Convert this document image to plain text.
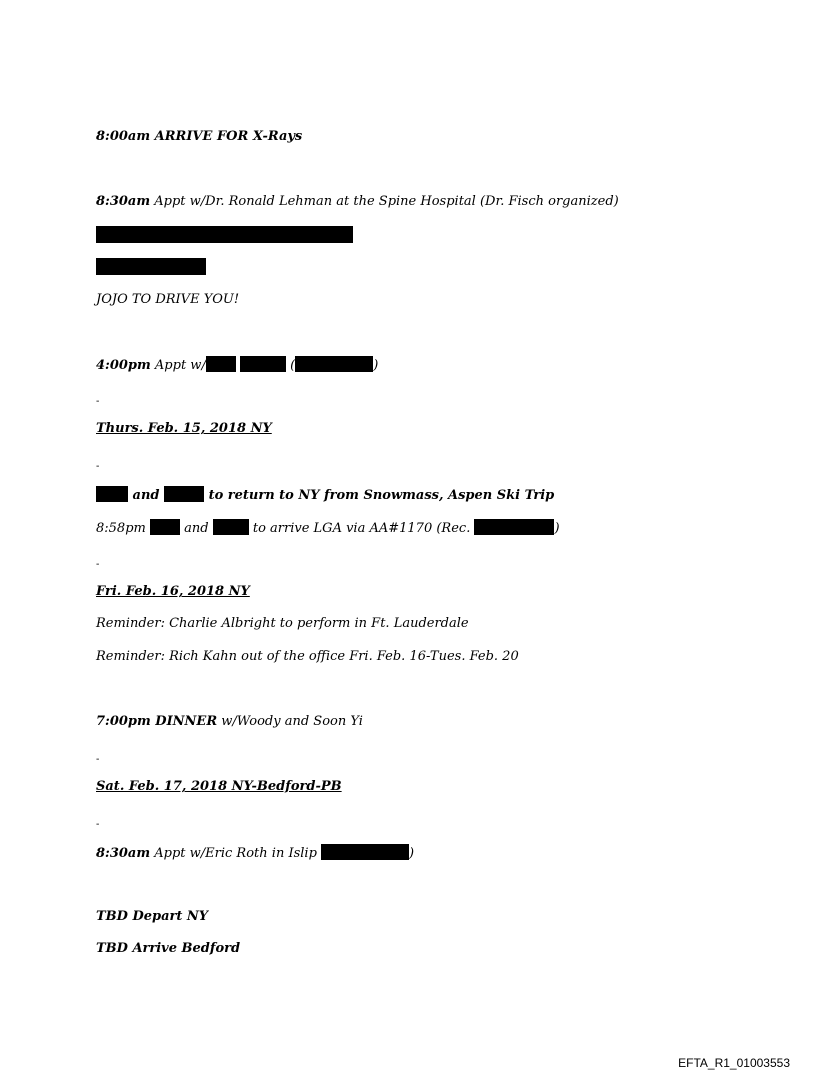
8:00am ARRIVE FOR X-Rays
8:30am Appt w/Dr. Ronald Lehman at the Spine Hospital (Dr. Fisch organized)
JOJO TO DRIVE YOU!
4:00pm Appt w/	(	)
-
Thurs. Feb. 15, 2018 NY
-
and	to return to NY from Snowmass, Aspen Ski Trip
8:58pm	and	to arrive LGA via AA#1170 (Rec.	)
-
Fri. Feb. 16, 2018 NY
Reminder: Charlie Albright to perform in Ft. Lauderdale
Reminder: Rich Kahn out of the office Fri. Feb. 16-Tues. Feb. 20
7:00pm DINNER w/Woody and Soon Yi
-
Sat. Feb. 17, 2018 NY-Bedford-PB
-
8:30am Appt w/Eric Roth in Islip	)
TBD Depart NY
TBD Arrive Bedford
EFTA_R1_01003553
